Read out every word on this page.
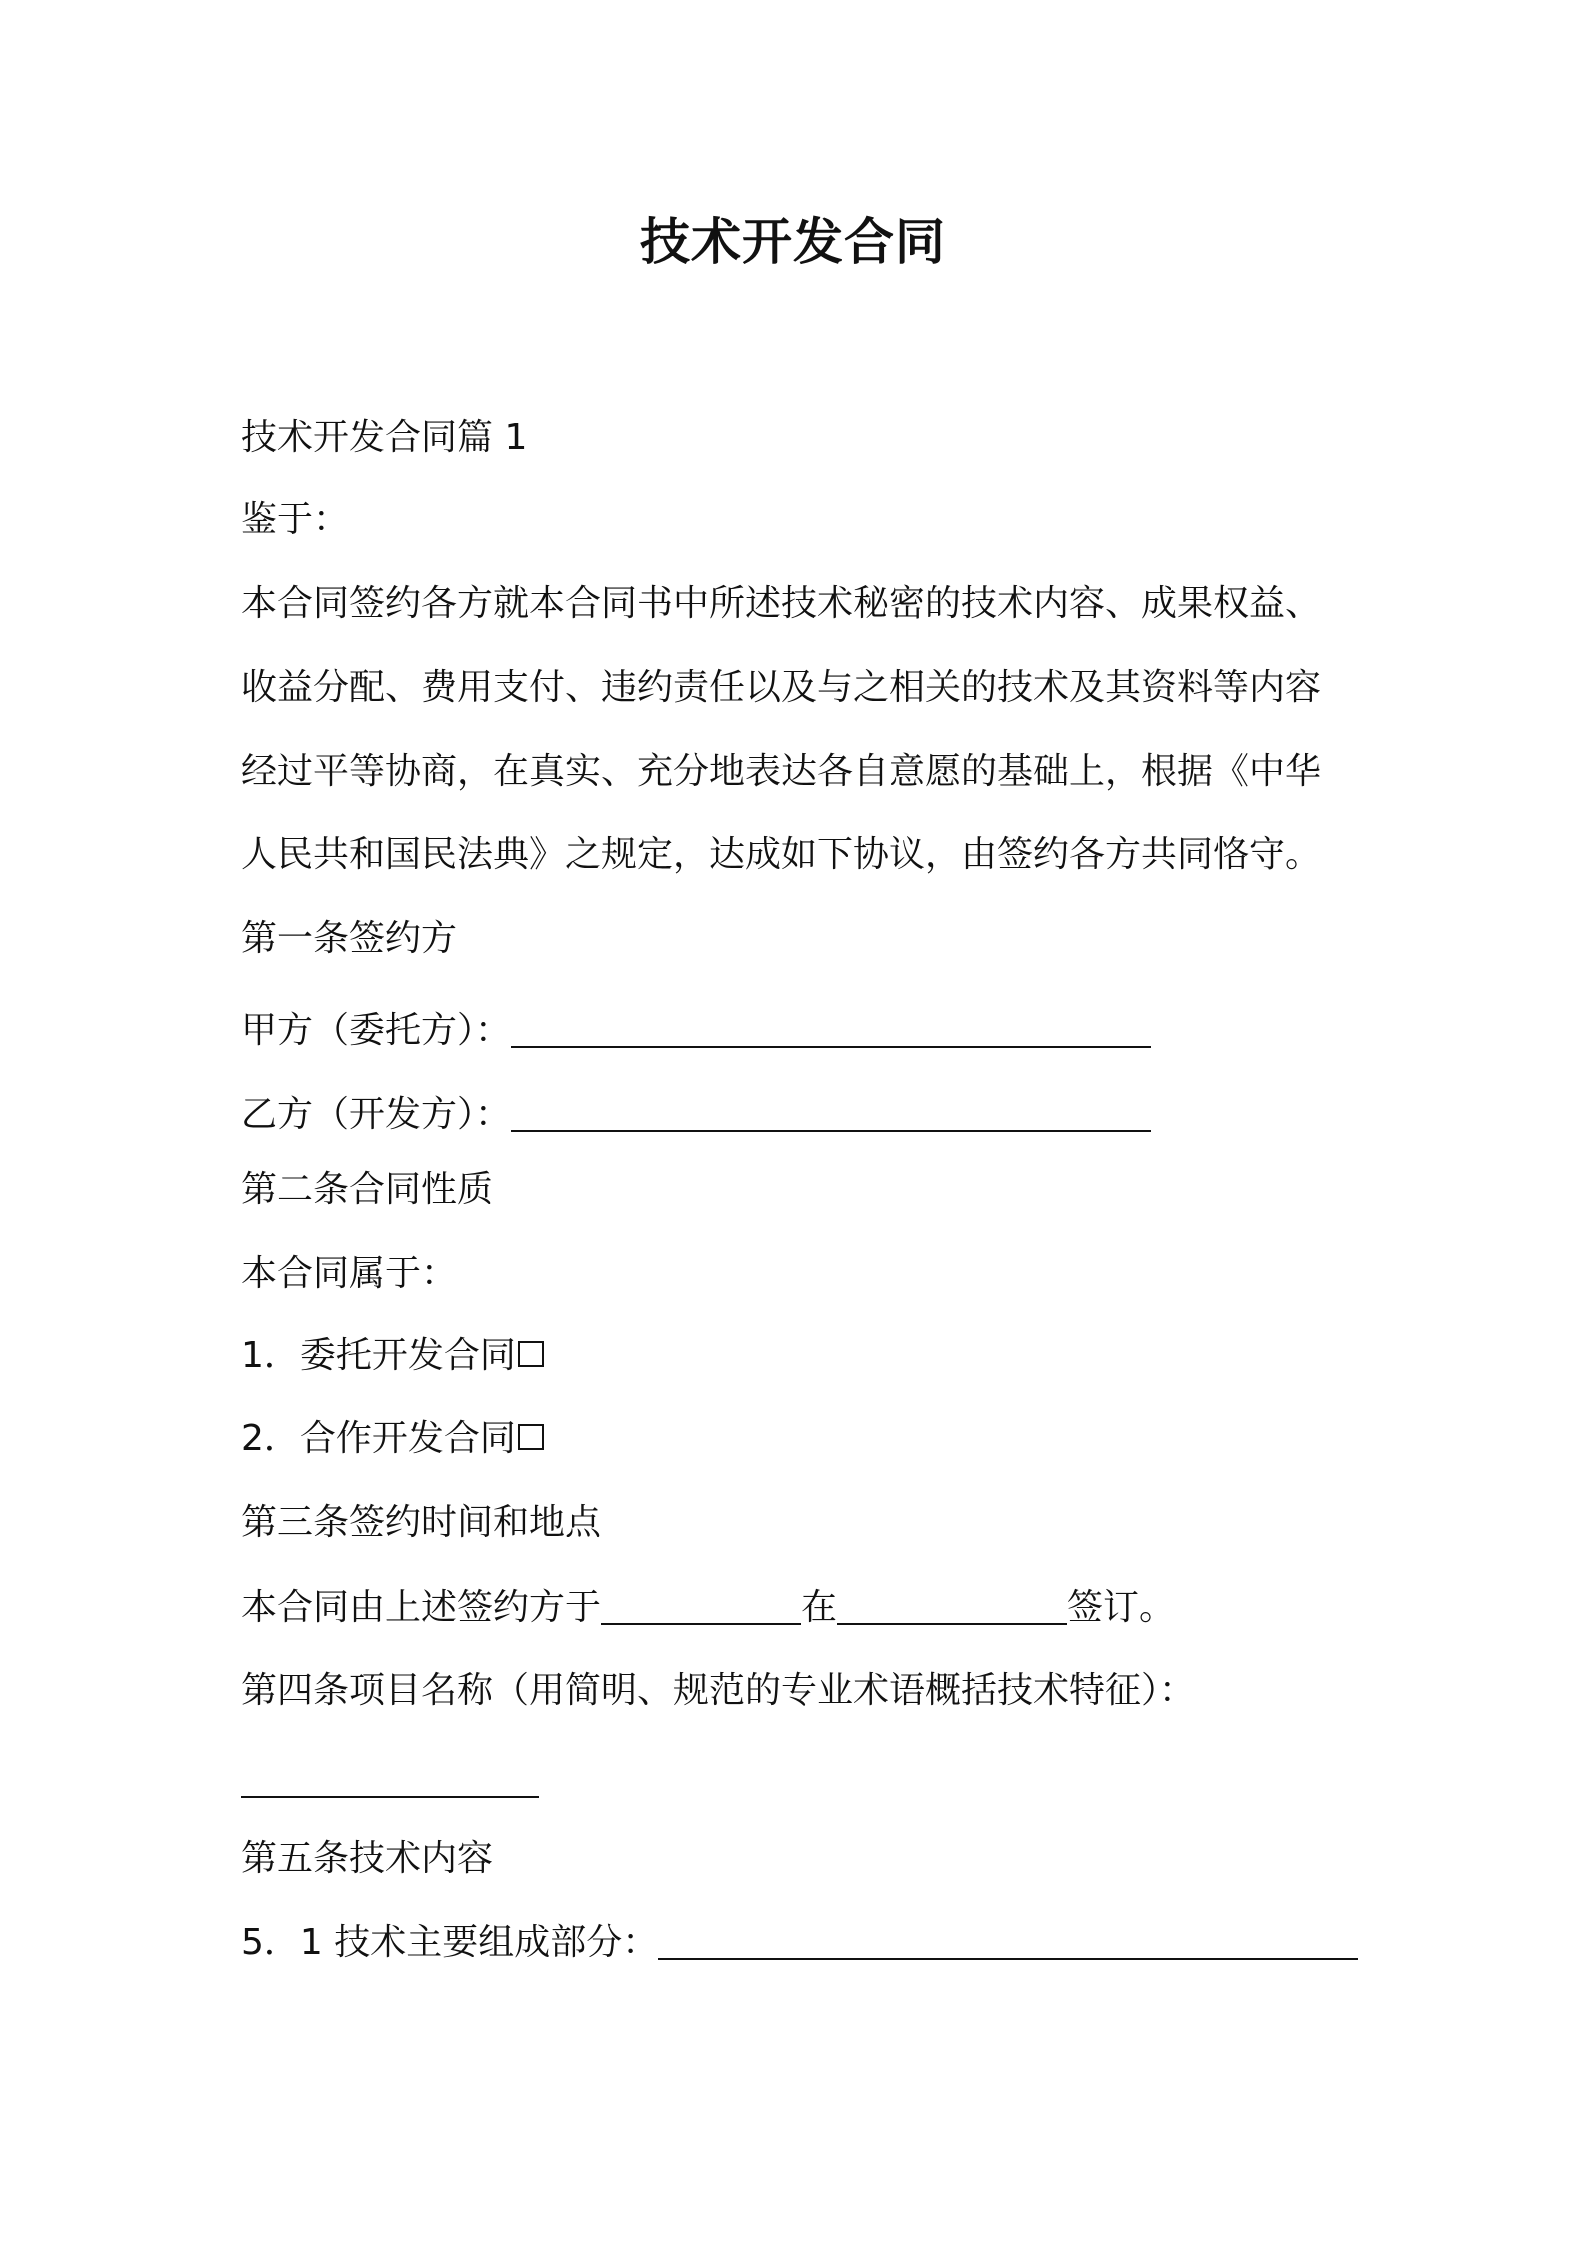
技术开发合同
技术开发合同篇 1
鉴于：
本合同签约各方就本合同书中所述技术秘密的技术内容、成果权益、
收益分配、费用支付、违约责任以及与之相关的技术及其资料等内容
经过平等协商，在真实、充分地表达各自意愿的基础上，根据《中华
人民共和国民法典》之规定，达成如下协议，由签约各方共同恪守。
第一条签约方
甲方（委托方）：
乙方（开发方）：
第二条合同性质
本合同属于：
1．委托开发合同
2．合作开发合同
第三条签约时间和地点
本合同由上述签约方于	在	签订。
第四条项目名称（用简明、规范的专业术语概括技术特征）：
第五条技术内容
5．1 技术主要组成部分：
